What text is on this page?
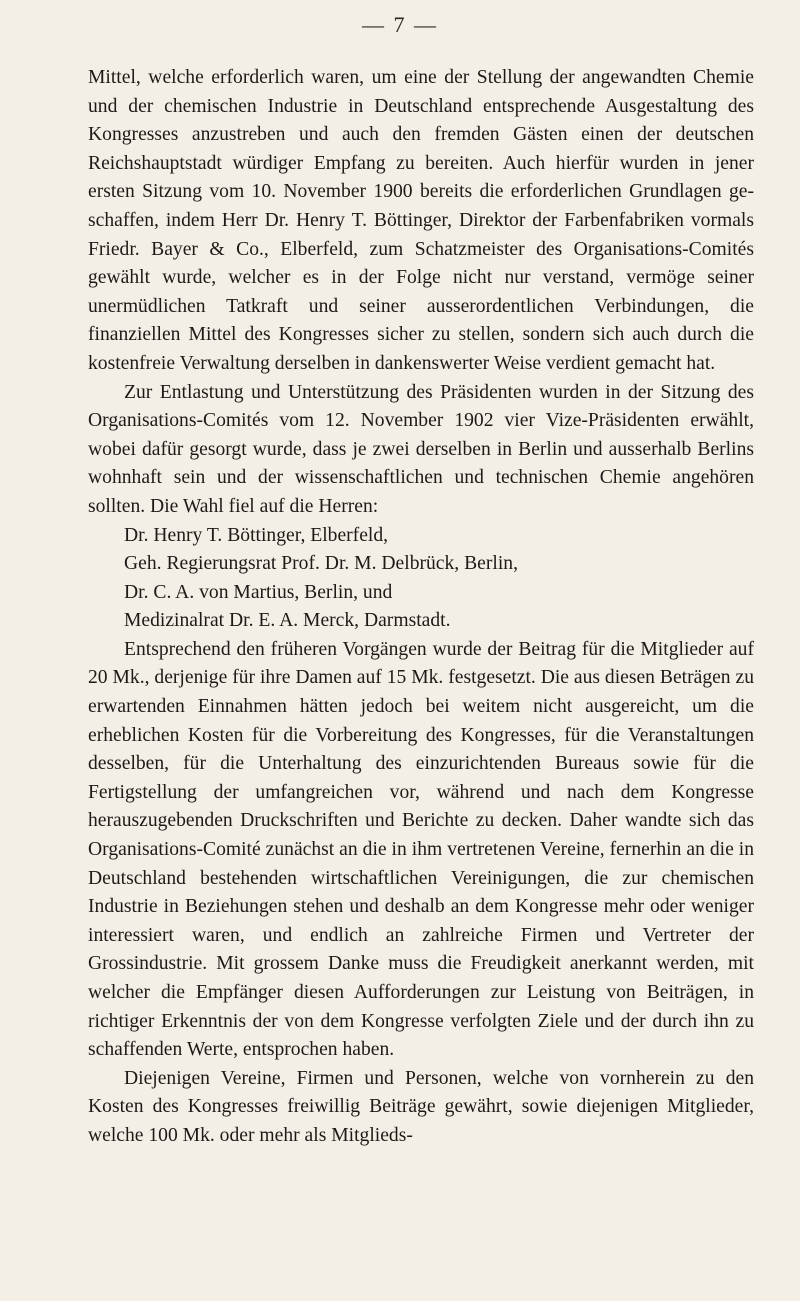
— 7 —

Mittel, welche erforderlich waren, um eine der Stellung der angewandten Chemie und der chemischen Industrie in Deutschland entsprechende Ausgestaltung des Kongresses anzustreben und auch den fremden Gästen einen der deutschen Reichshauptstadt würdiger Empfang zu bereiten. Auch hierfür wurden in jener ersten Sitzung vom 10. November 1900 bereits die erforderlichen Grundlagen geschaffen, indem Herr Dr. Henry T. Böttinger, Direktor der Farbenfabriken vormals Friedr. Bayer & Co., Elberfeld, zum Schatzmeister des Organisations-Comités gewählt wurde, welcher es in der Folge nicht nur verstand, vermöge seiner unermüdlichen Tatkraft und seiner ausserordentlichen Verbindungen, die finanziellen Mittel des Kongresses sicher zu stellen, sondern sich auch durch die kostenfreie Verwaltung derselben in dankenswerter Weise verdient gemacht hat.

Zur Entlastung und Unterstützung des Präsidenten wurden in der Sitzung des Organisations-Comités vom 12. November 1902 vier Vize-Präsidenten erwählt, wobei dafür gesorgt wurde, dass je zwei derselben in Berlin und ausserhalb Berlins wohnhaft sein und der wissenschaftlichen und technischen Chemie angehören sollten. Die Wahl fiel auf die Herren:

Dr. Henry T. Böttinger, Elberfeld,

Geh. Regierungsrat Prof. Dr. M. Delbrück, Berlin,

Dr. C. A. von Martius, Berlin, und

Medizinalrat Dr. E. A. Merck, Darmstadt.

Entsprechend den früheren Vorgängen wurde der Beitrag für die Mitglieder auf 20 Mk., derjenige für ihre Damen auf 15 Mk. festgesetzt. Die aus diesen Beträgen zu erwartenden Einnahmen hätten jedoch bei weitem nicht ausgereicht, um die erheblichen Kosten für die Vorbereitung des Kongresses, für die Veranstaltungen desselben, für die Unterhaltung des einzurichtenden Bureaus sowie für die Fertigstellung der umfangreichen vor, während und nach dem Kongresse herauszugebenden Druckschriften und Berichte zu decken. Daher wandte sich das Organisations-Comité zunächst an die in ihm vertretenen Vereine, fernerhin an die in Deutschland bestehenden wirtschaftlichen Vereinigungen, die zur chemischen Industrie in Beziehungen stehen und deshalb an dem Kongresse mehr oder weniger interessiert waren, und endlich an zahlreiche Firmen und Vertreter der Grossindustrie. Mit grossem Danke muss die Freudigkeit anerkannt werden, mit welcher die Empfänger diesen Aufforderungen zur Leistung von Beiträgen, in richtiger Erkenntnis der von dem Kongresse verfolgten Ziele und der durch ihn zu schaffenden Werte, entsprochen haben.

Diejenigen Vereine, Firmen und Personen, welche von vornherein zu den Kosten des Kongresses freiwillig Beiträge gewährt, sowie diejenigen Mitglieder, welche 100 Mk. oder mehr als Mitglieds-
